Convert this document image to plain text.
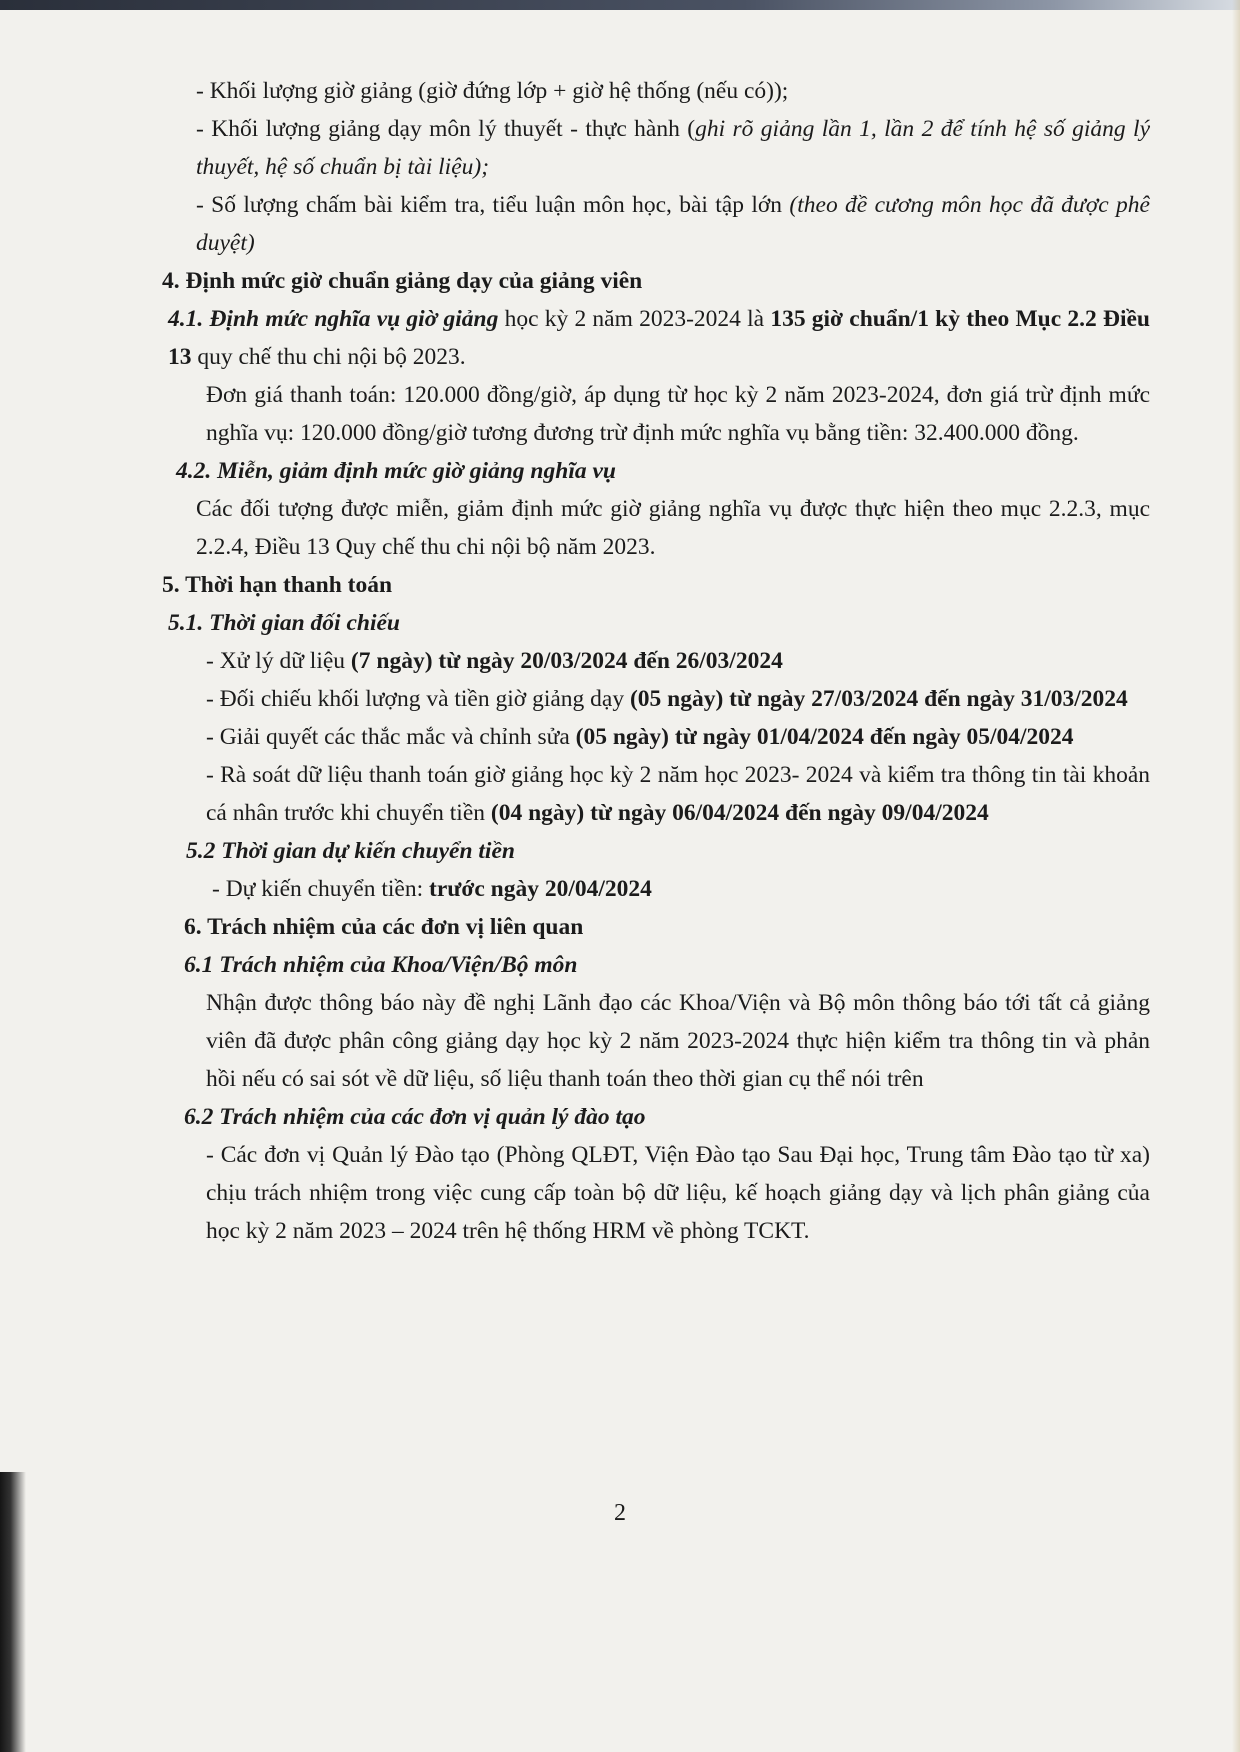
- Khối lượng giờ giảng (giờ đứng lớp + giờ hệ thống (nếu có));

- Khối lượng giảng dạy môn lý thuyết - thực hành (ghi rõ giảng lần 1, lần 2 để tính hệ số giảng lý thuyết, hệ số chuẩn bị tài liệu);

- Số lượng chấm bài kiểm tra, tiểu luận môn học, bài tập lớn (theo đề cương môn học đã được phê duyệt)

4. Định mức giờ chuẩn giảng dạy của giảng viên

4.1. Định mức nghĩa vụ giờ giảng học kỳ 2 năm 2023-2024 là 135 giờ chuẩn/1 kỳ theo Mục 2.2 Điều 13 quy chế thu chi nội bộ 2023.

Đơn giá thanh toán: 120.000 đồng/giờ, áp dụng từ học kỳ 2 năm 2023-2024, đơn giá trừ định mức nghĩa vụ: 120.000 đồng/giờ tương đương trừ định mức nghĩa vụ bằng tiền: 32.400.000 đồng.

4.2. Miễn, giảm định mức giờ giảng nghĩa vụ

Các đối tượng được miễn, giảm định mức giờ giảng nghĩa vụ được thực hiện theo mục 2.2.3, mục 2.2.4, Điều 13 Quy chế thu chi nội bộ năm 2023.

5. Thời hạn thanh toán

5.1. Thời gian đối chiếu

- Xử lý dữ liệu (7 ngày) từ ngày 20/03/2024 đến 26/03/2024

- Đối chiếu khối lượng và tiền giờ giảng dạy (05 ngày) từ ngày 27/03/2024 đến ngày 31/03/2024

- Giải quyết các thắc mắc và chỉnh sửa (05 ngày) từ ngày 01/04/2024 đến ngày 05/04/2024

- Rà soát dữ liệu thanh toán giờ giảng học kỳ 2 năm học 2023- 2024 và kiểm tra thông tin tài khoản cá nhân trước khi chuyển tiền (04 ngày) từ ngày 06/04/2024 đến ngày 09/04/2024

5.2 Thời gian dự kiến chuyển tiền

- Dự kiến chuyển tiền: trước ngày 20/04/2024

6. Trách nhiệm của các đơn vị liên quan

6.1 Trách nhiệm của Khoa/Viện/Bộ môn

Nhận được thông báo này đề nghị Lãnh đạo các Khoa/Viện và Bộ môn thông báo tới tất cả giảng viên đã được phân công giảng dạy học kỳ 2 năm 2023-2024 thực hiện kiểm tra thông tin và phản hồi nếu có sai sót về dữ liệu, số liệu thanh toán theo thời gian cụ thể nói trên

6.2 Trách nhiệm của các đơn vị quản lý đào tạo

- Các đơn vị Quản lý Đào tạo (Phòng QLĐT, Viện Đào tạo Sau Đại học, Trung tâm Đào tạo từ xa) chịu trách nhiệm trong việc cung cấp toàn bộ dữ liệu, kế hoạch giảng dạy và lịch phân giảng của học kỳ 2 năm 2023 – 2024 trên hệ thống HRM về phòng TCKT.

2
